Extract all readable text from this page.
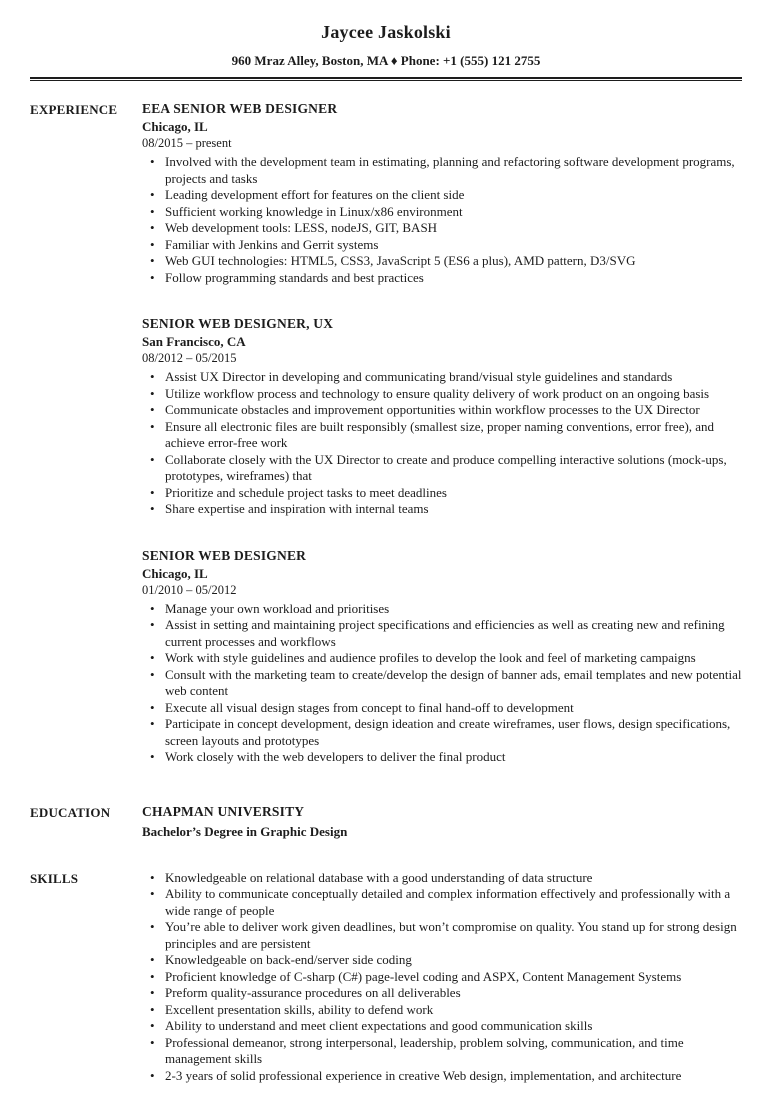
Jaycee Jaskolski
960 Mraz Alley, Boston, MA ♦ Phone: +1 (555) 121 2755
EXPERIENCE	EEA SENIOR WEB DESIGNER
Chicago, IL
08/2015 – present
• Involved with the development team in estimating, planning and refactoring software development programs, projects and tasks
• Leading development effort for features on the client side
• Sufficient working knowledge in Linux/x86 environment
• Web development tools: LESS, nodeJS, GIT, BASH
• Familiar with Jenkins and Gerrit systems
• Web GUI technologies: HTML5, CSS3, JavaScript 5 (ES6 a plus), AMD pattern, D3/SVG
• Follow programming standards and best practices
SENIOR WEB DESIGNER, UX
San Francisco, CA
08/2012 – 05/2015
• Assist UX Director in developing and communicating brand/visual style guidelines and standards
• Utilize workflow process and technology to ensure quality delivery of work product on an ongoing basis
• Communicate obstacles and improvement opportunities within workflow processes to the UX Director
• Ensure all electronic files are built responsibly (smallest size, proper naming conventions, error free), and achieve error-free work
• Collaborate closely with the UX Director to create and produce compelling interactive solutions (mock-ups, prototypes, wireframes) that
• Prioritize and schedule project tasks to meet deadlines
• Share expertise and inspiration with internal teams
SENIOR WEB DESIGNER
Chicago, IL
01/2010 – 05/2012
• Manage your own workload and prioritises
• Assist in setting and maintaining project specifications and efficiencies as well as creating new and refining current processes and workflows
• Work with style guidelines and audience profiles to develop the look and feel of marketing campaigns
• Consult with the marketing team to create/develop the design of banner ads, email templates and new potential web content
• Execute all visual design stages from concept to final hand-off to development
• Participate in concept development, design ideation and create wireframes, user flows, design specifications, screen layouts and prototypes
• Work closely with the web developers to deliver the final product
EDUCATION	CHAPMAN UNIVERSITY
Bachelor’s Degree in Graphic Design
SKILLS	• Knowledgeable on relational database with a good understanding of data structure
• Ability to communicate conceptually detailed and complex information effectively and professionally with a wide range of people
• You’re able to deliver work given deadlines, but won’t compromise on quality. You stand up for strong design principles and are persistent
• Knowledgeable on back-end/server side coding
• Proficient knowledge of C-sharp (C#) page-level coding and ASPX, Content Management Systems
• Preform quality-assurance procedures on all deliverables
• Excellent presentation skills, ability to defend work
• Ability to understand and meet client expectations and good communication skills
• Professional demeanor, strong interpersonal, leadership, problem solving, communication, and time management skills
• 2-3 years of solid professional experience in creative Web design, implementation, and architecture
